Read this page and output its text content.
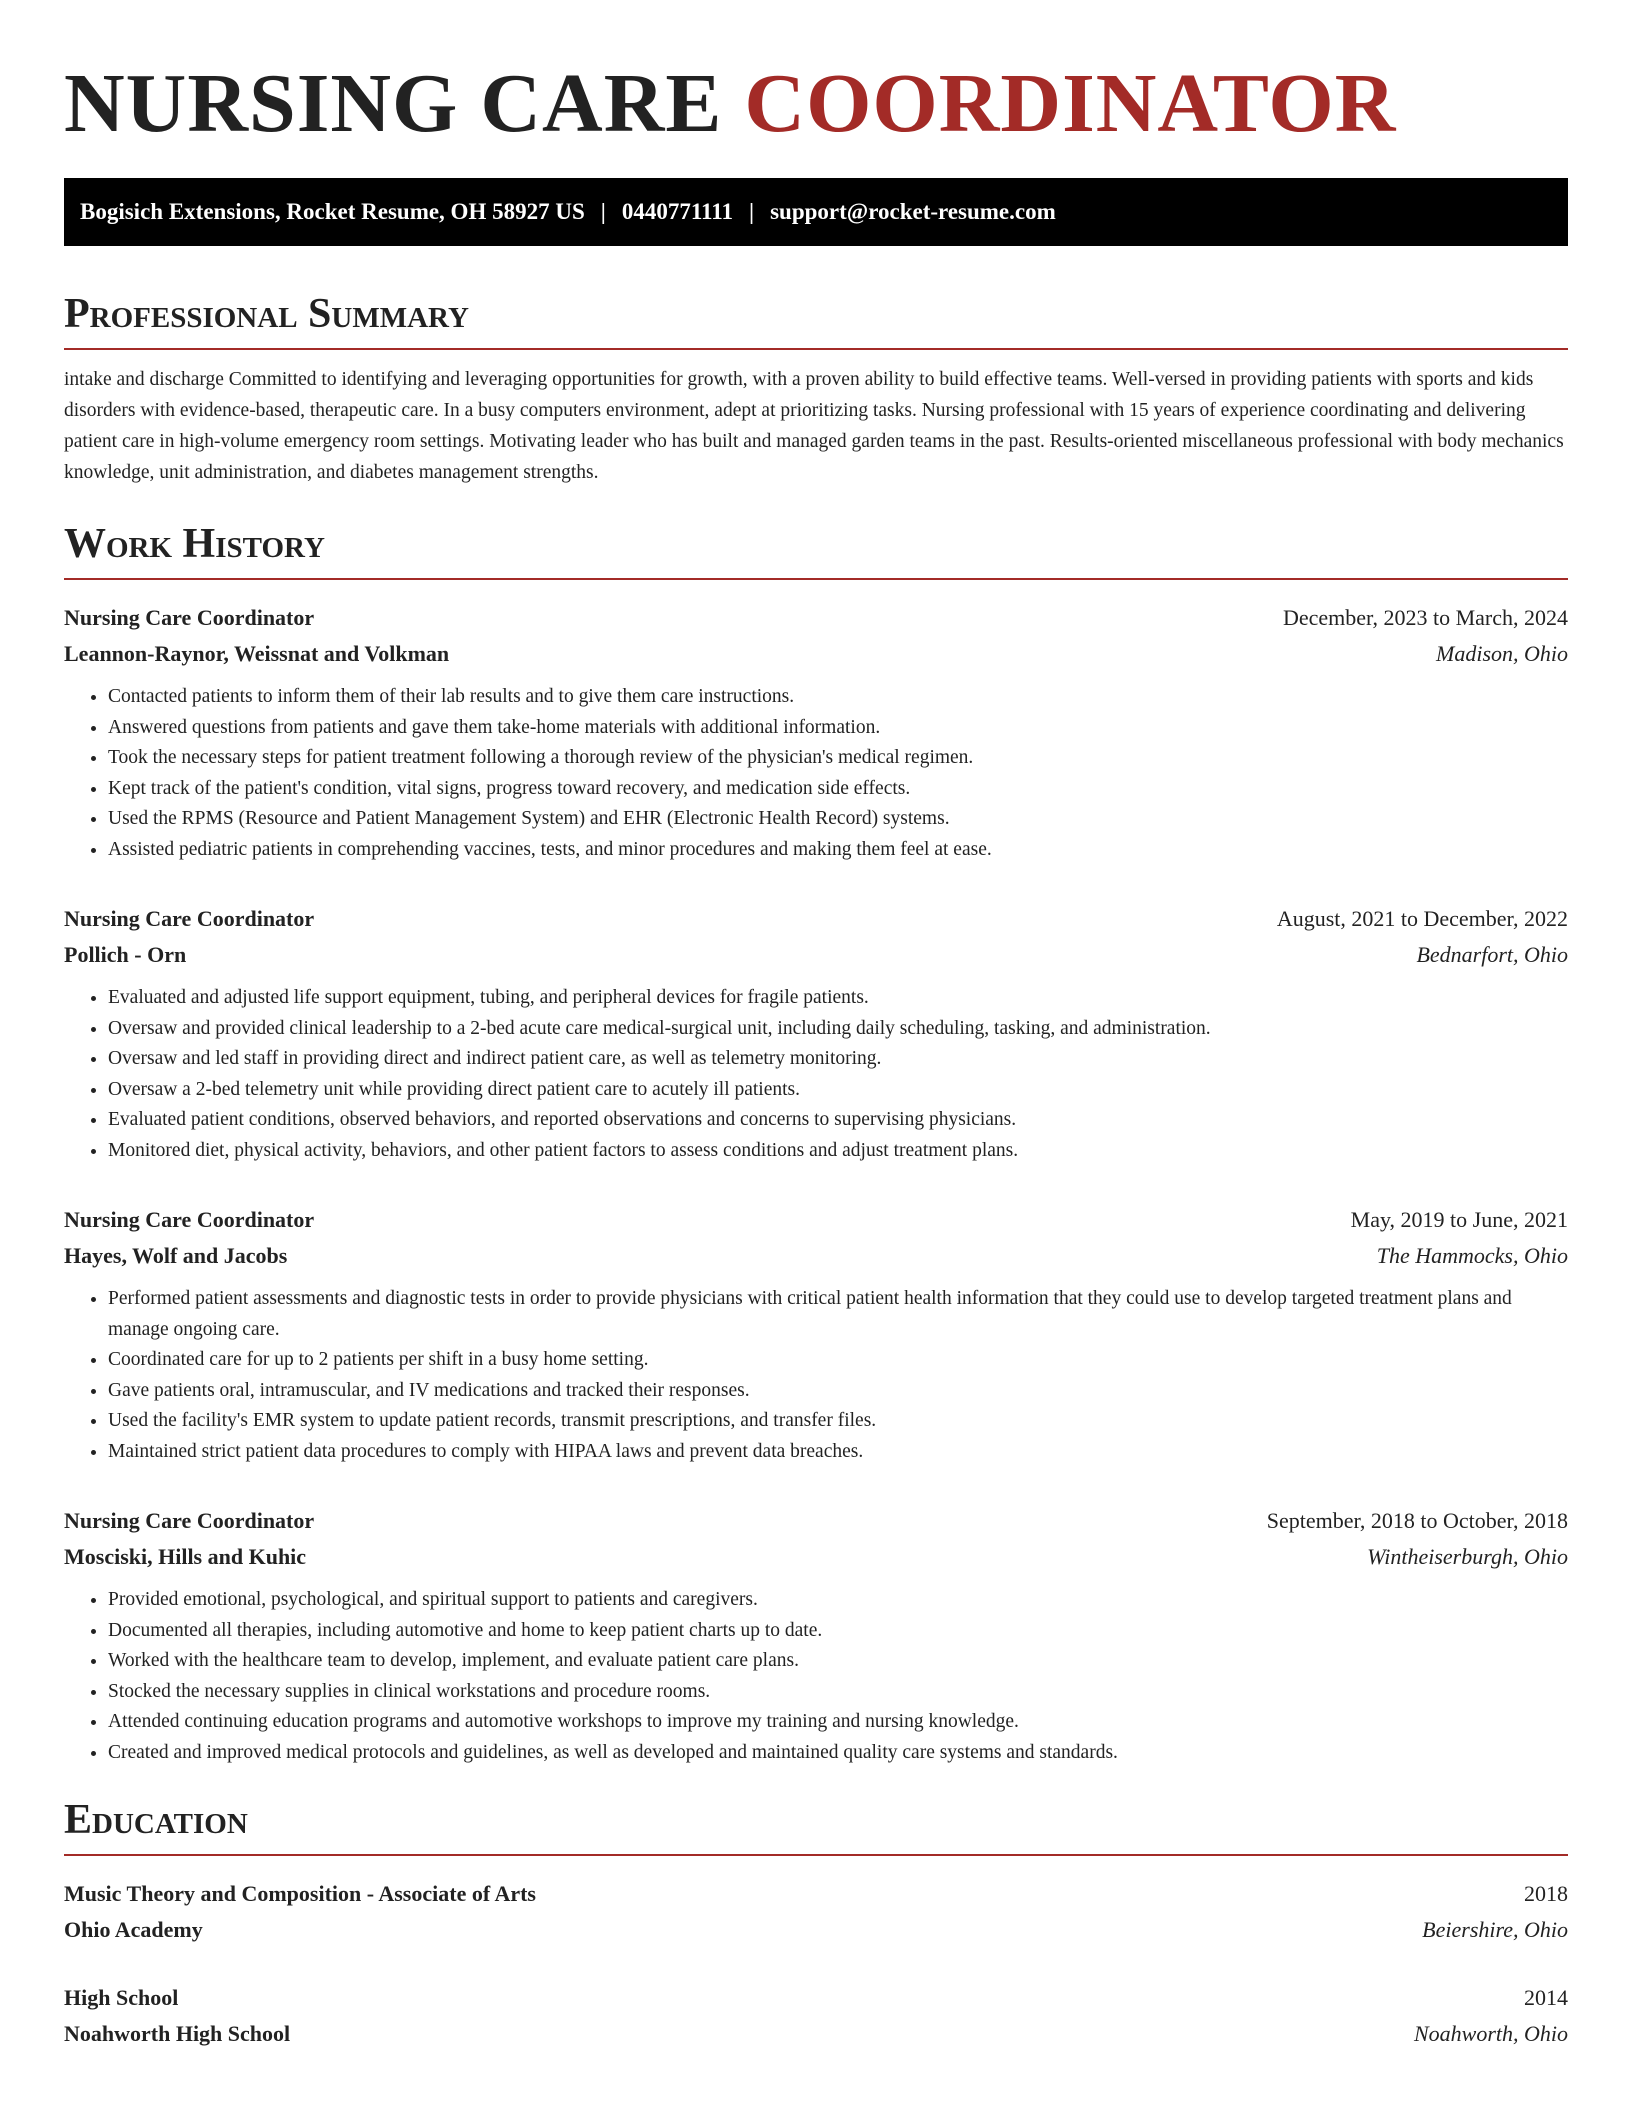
NURSING CARE COORDINATOR
Bogisich Extensions, Rocket Resume, OH 58927 US | 0440771111 | support@rocket-resume.com
Professional Summary

intake and discharge Committed to identifying and leveraging opportunities for growth, with a proven ability to build effective teams. Well-versed in providing patients with sports and kids disorders with evidence-based, therapeutic care. In a busy computers environment, adept at prioritizing tasks. Nursing professional with 15 years of experience coordinating and delivering patient care in high-volume emergency room settings. Motivating leader who has built and managed garden teams in the past. Results-oriented miscellaneous professional with body mechanics knowledge, unit administration, and diabetes management strengths.

Work History
Nursing Care Coordinator	December, 2023 to March, 2024
Leannon-Raynor, Weissnat and Volkman	Madison, Ohio
• Contacted patients to inform them of their lab results and to give them care instructions.
• Answered questions from patients and gave them take-home materials with additional information.
• Took the necessary steps for patient treatment following a thorough review of the physician's medical regimen.
• Kept track of the patient's condition, vital signs, progress toward recovery, and medication side effects.
• Used the RPMS (Resource and Patient Management System) and EHR (Electronic Health Record) systems.
• Assisted pediatric patients in comprehending vaccines, tests, and minor procedures and making them feel at ease.
Nursing Care Coordinator	August, 2021 to December, 2022
Pollich - Orn	Bednarfort, Ohio
• Evaluated and adjusted life support equipment, tubing, and peripheral devices for fragile patients.
• Oversaw and provided clinical leadership to a 2-bed acute care medical-surgical unit, including daily scheduling, tasking, and administration.
• Oversaw and led staff in providing direct and indirect patient care, as well as telemetry monitoring.
• Oversaw a 2-bed telemetry unit while providing direct patient care to acutely ill patients.
• Evaluated patient conditions, observed behaviors, and reported observations and concerns to supervising physicians.
• Monitored diet, physical activity, behaviors, and other patient factors to assess conditions and adjust treatment plans.
Nursing Care Coordinator	May, 2019 to June, 2021
Hayes, Wolf and Jacobs	The Hammocks, Ohio
• Performed patient assessments and diagnostic tests in order to provide physicians with critical patient health information that they could use to develop targeted treatment plans and manage ongoing care.
• Coordinated care for up to 2 patients per shift in a busy home setting.
• Gave patients oral, intramuscular, and IV medications and tracked their responses.
• Used the facility's EMR system to update patient records, transmit prescriptions, and transfer files.
• Maintained strict patient data procedures to comply with HIPAA laws and prevent data breaches.
Nursing Care Coordinator	September, 2018 to October, 2018
Mosciski, Hills and Kuhic	Wintheiserburgh, Ohio
• Provided emotional, psychological, and spiritual support to patients and caregivers.
• Documented all therapies, including automotive and home to keep patient charts up to date.
• Worked with the healthcare team to develop, implement, and evaluate patient care plans.
• Stocked the necessary supplies in clinical workstations and procedure rooms.
• Attended continuing education programs and automotive workshops to improve my training and nursing knowledge.
• Created and improved medical protocols and guidelines, as well as developed and maintained quality care systems and standards.
Education
Music Theory and Composition - Associate of Arts	2018
Ohio Academy	Beiershire, Ohio
High School	2014
Noahworth High School	Noahworth, Ohio
